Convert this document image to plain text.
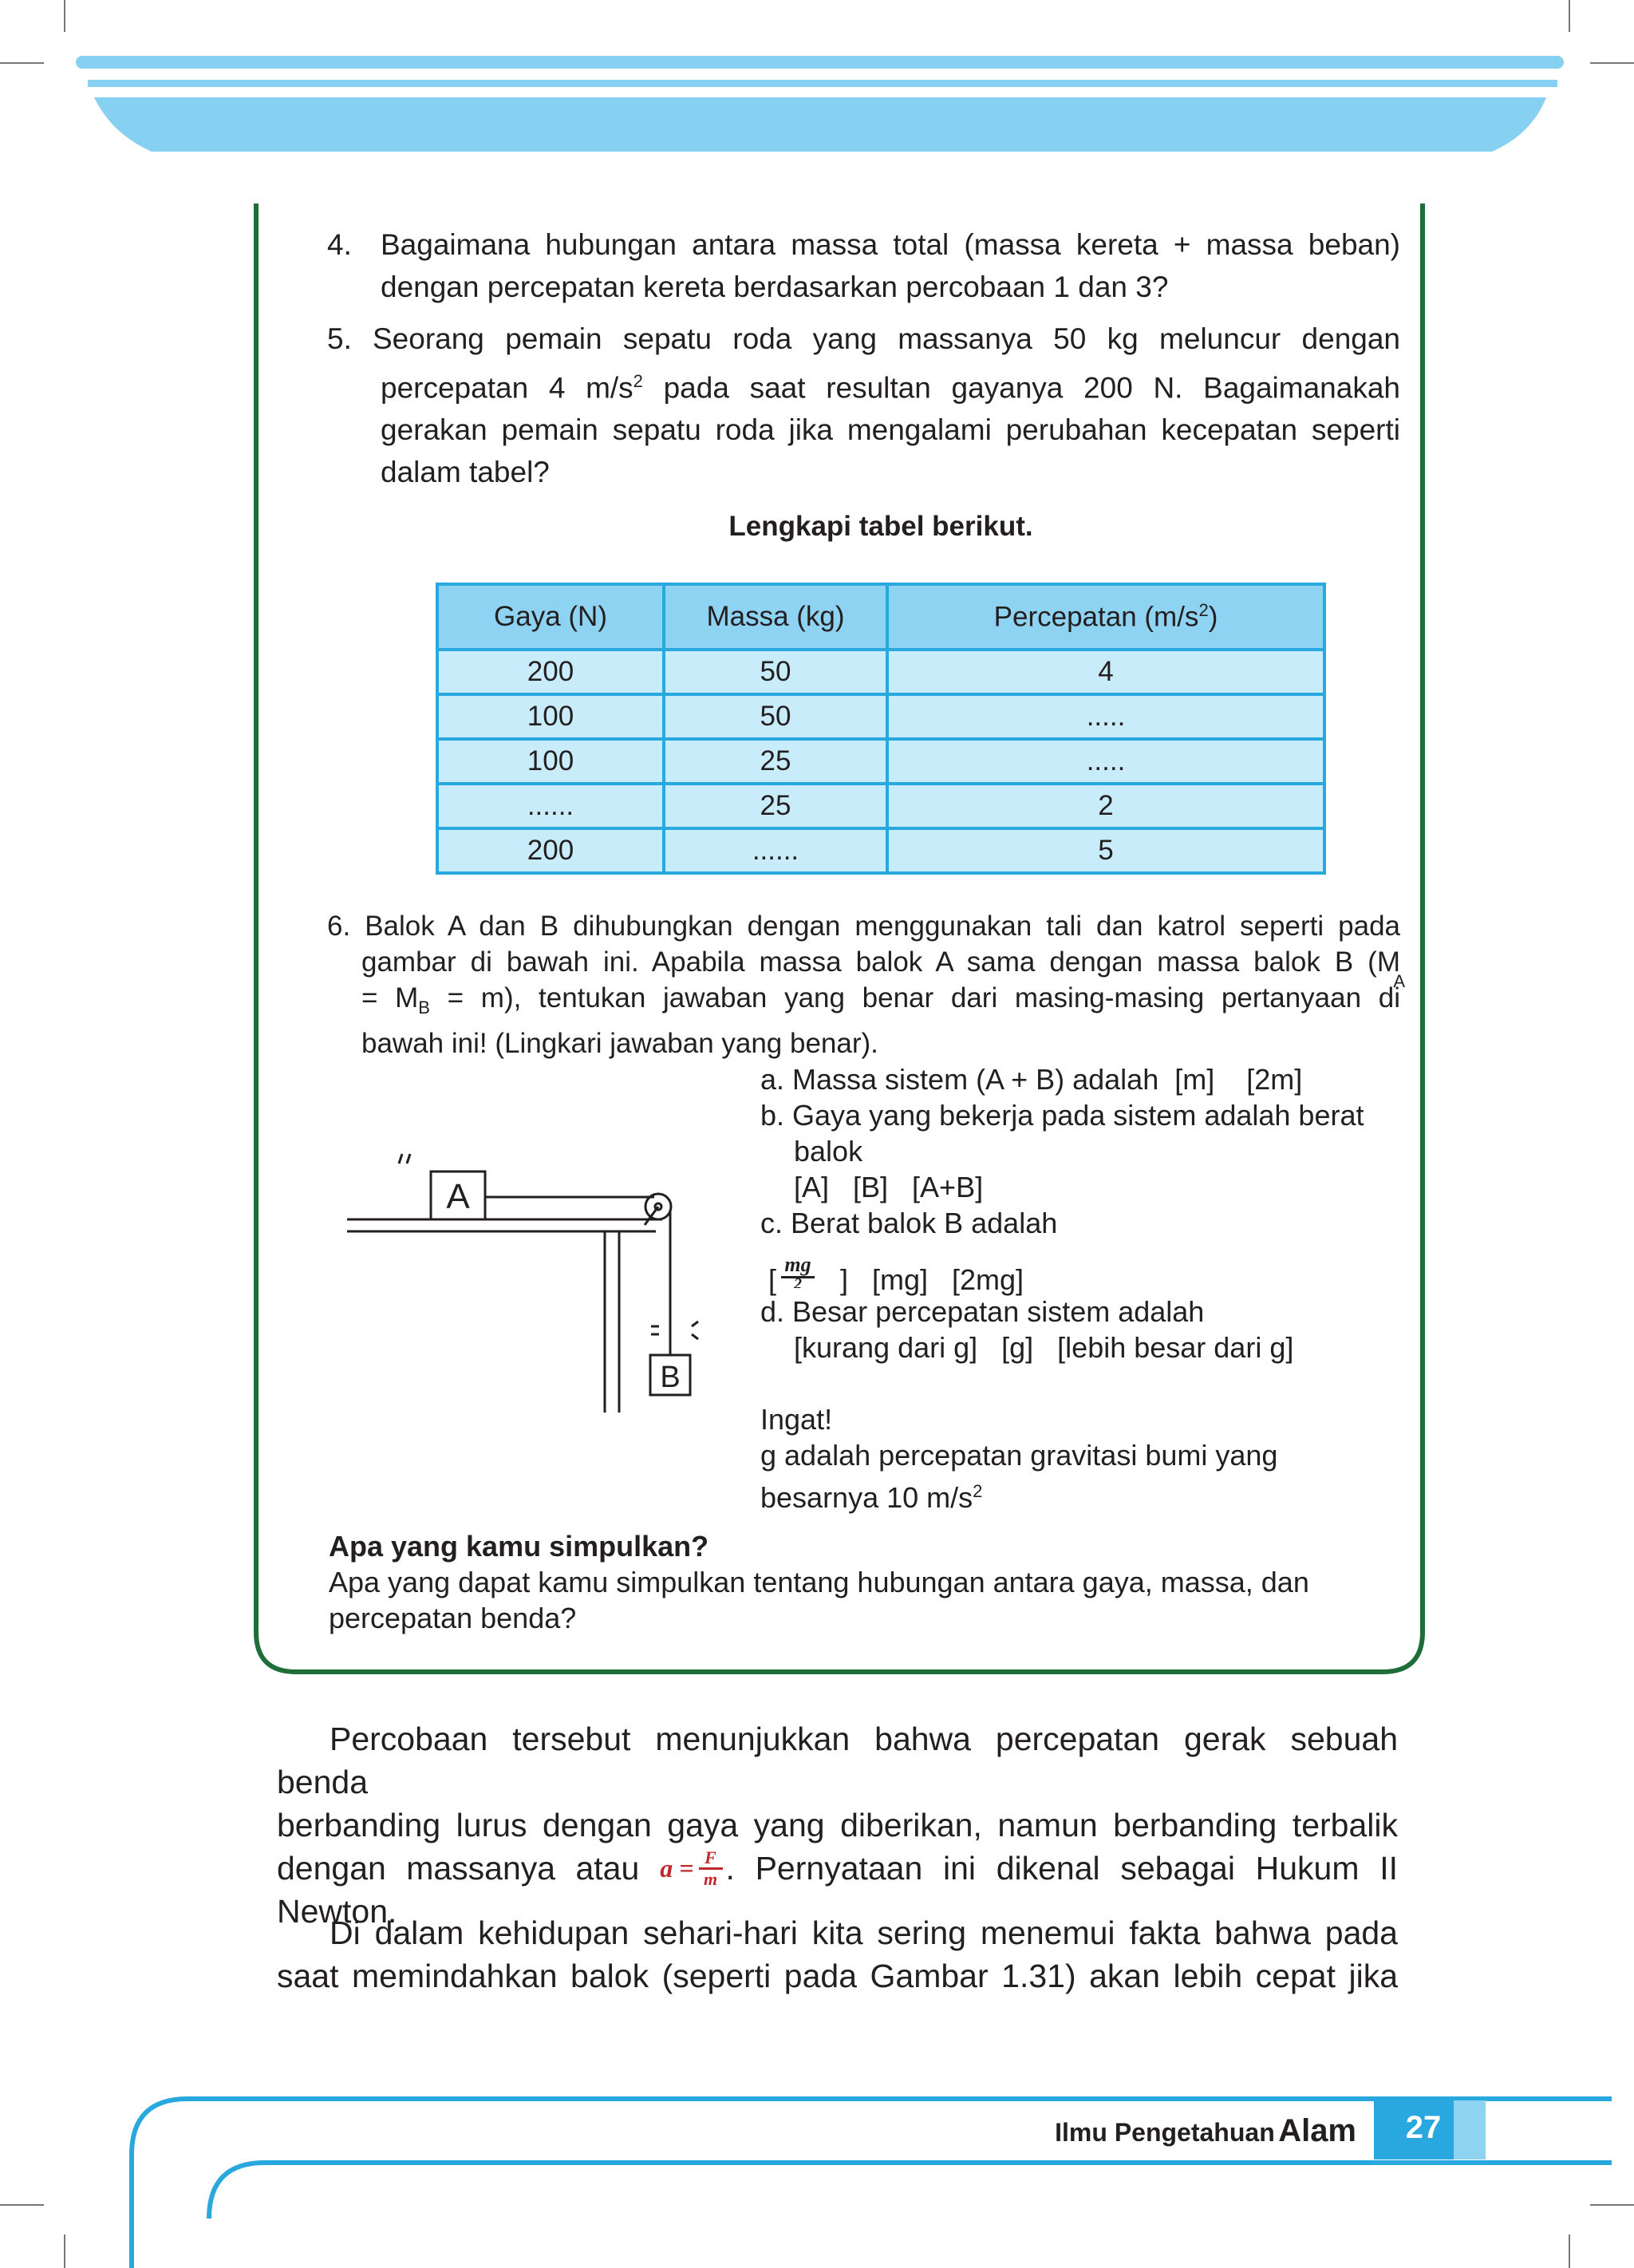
4. Bagaimana hubungan antara massa total (massa kereta + massa beban)
dengan percepatan kereta berdasarkan percobaan 1 dan 3?
5. Seorang pemain sepatu roda yang massanya 50 kg meluncur dengan
percepatan 4 $m/s^2$ pada saat resultan gayanya 200 N. Bagaimanakah
gerakan pemain sepatu roda jika mengalami perubahan kecepatan seperti
dalam tabel?
Lengkapi tabel berikut.
Gaya (N)	Massa (kg)	Percepatan $(m/s^2)$
200	50	4
100	50	.....
100	25	.....
......	25	2
200	......	5
6. Balok A dan B dihubungkan dengan menggunakan tali dan katrol seperti pada
gambar di bawah ini. Apabila massa balok A sama dengan massa balok B (M
A
= $M_B = m$), tentukan jawaban yang benar dari masing-masing pertanyaan di
bawah ini! (Lingkari jawaban yang benar).
A
B
a. Massa sistem (A + B) adalah  [m]    [2m]
b. Gaya yang bekerja pada sistem adalah berat
balok
[A]   [B]   [A+B]
c. Berat balok B adalah
[ mg
2	]   [mg]   [2mg]
d. Besar percepatan sistem adalah
[kurang dari g]   [g]   [lebih besar dari g]
Ingat!
g adalah percepatan gravitasi bumi yang
besarnya 10 $m/s^2$
Apa yang kamu simpulkan?
Apa yang dapat kamu simpulkan tentang hubungan antara gaya, massa, dan
percepatan benda?
Percobaan tersebut menunjukkan bahwa percepatan gerak sebuah benda
berbanding lurus dengan gaya yang diberikan, namun berbanding terbalik
dengan massanya atau a = F
m . Pernyataan ini dikenal sebagai Hukum II
Newton.
Di dalam kehidupan sehari-hari kita sering menemui fakta bahwa pada
saat memindahkan balok (seperti pada Gambar 1.31) akan lebih cepat jika
Ilmu Pengetahuan Alam	27
